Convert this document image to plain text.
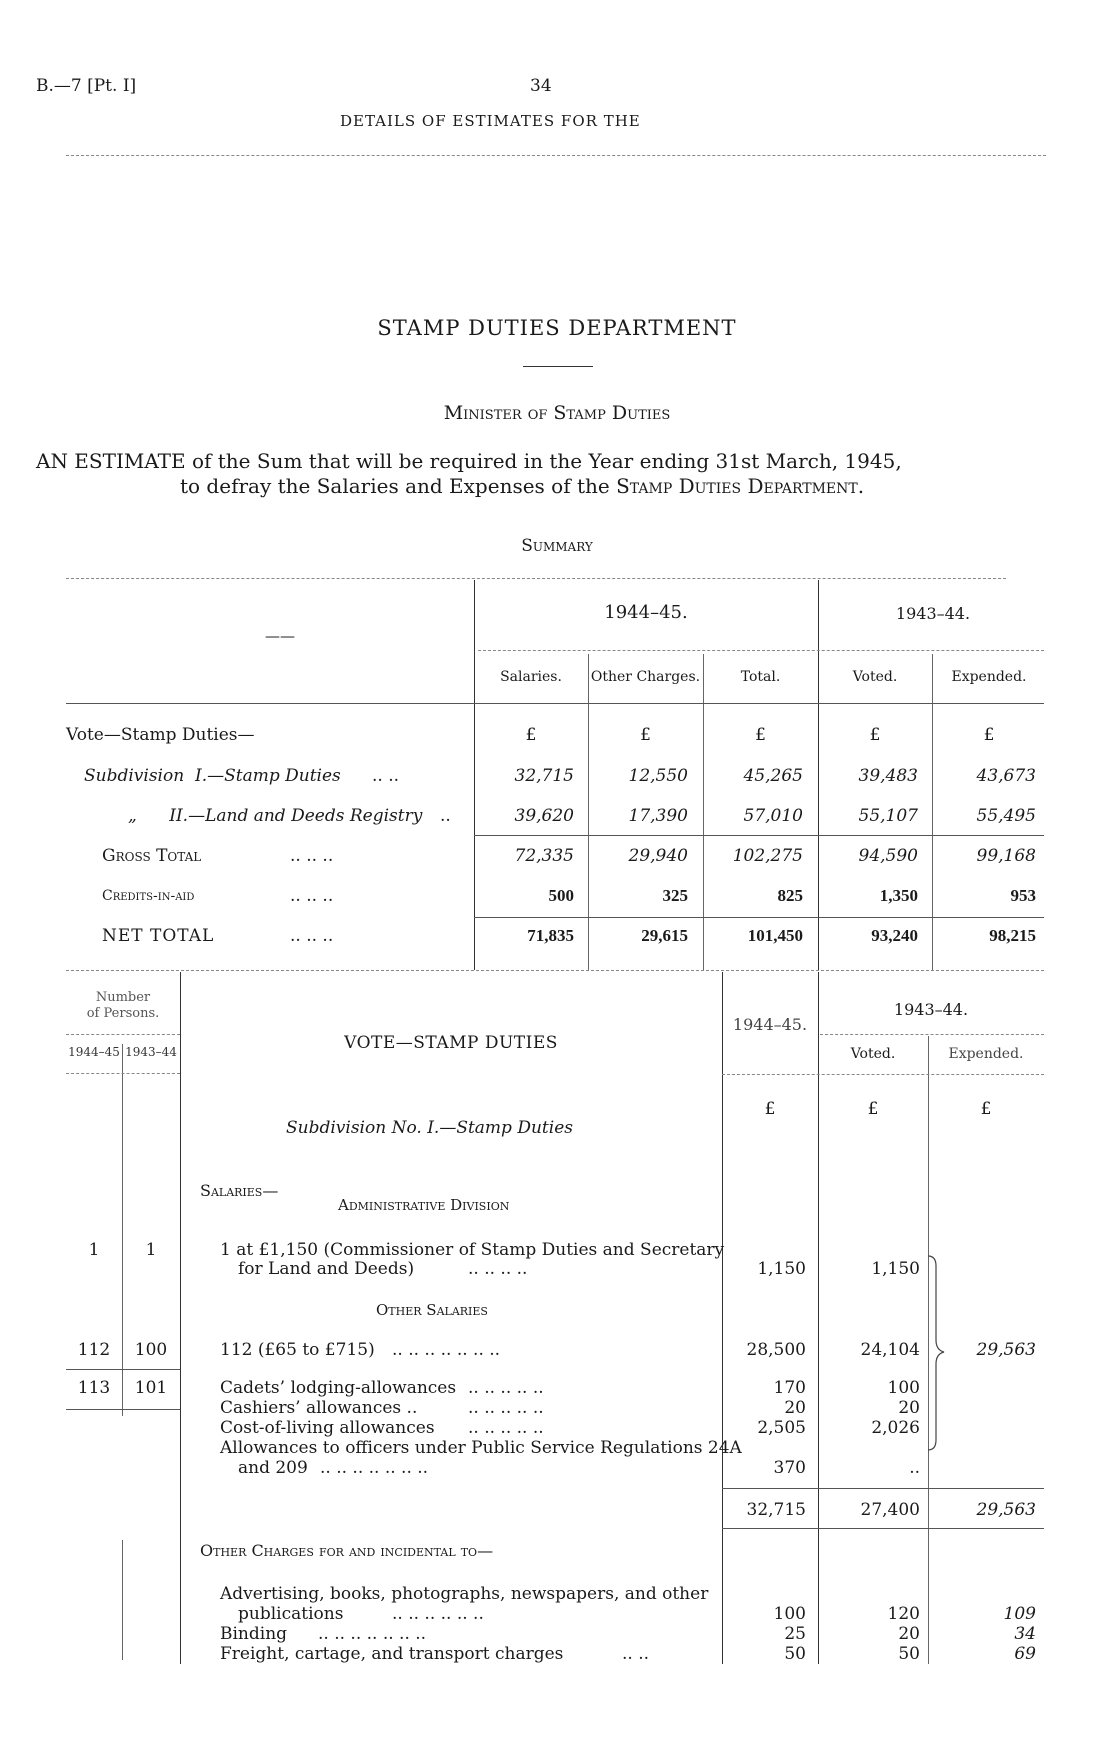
B.—7 [Pt. I]	34
DETAILS OF ESTIMATES FOR THE
STAMP DUTIES DEPARTMENT
Minister of Stamp Duties
AN ESTIMATE of the Sum that will be required in the Year ending 31st March, 1945,
to defray the Salaries and Expenses of the Stamp Duties Department.
Summary
——
1944–45.	1943–44.
Salaries.	Other Charges.	Total.	Voted.	Expended.
Vote—Stamp Duties—	£	£	£	£	£
Subdivision  I.—Stamp Duties .. ..	32,715	12,550	45,265	39,483	43,673
„      II.—Land and Deeds Registry ..	39,620	17,390	57,010	55,107	55,495
Gross Total	.. .. ..	72,335	29,940	102,275	94,590	99,168
Credits-in-aid	.. .. ..	500	325	825	1,350	953
NET TOTAL	.. .. ..	71,835	29,615	101,450	93,240	98,215
Number
of Persons.
1944–45 1943–44	VOTE—STAMP DUTIES
1944–45.
1943–44.
Voted.	Expended.
£	£	£
Subdivision No. I.—Stamp Duties
Salaries—
Administrative Division
1	1	1 at £1,150 (Commissioner of Stamp Duties and Secretary
for Land and Deeds)	.. .. .. ..	1,150	1,150
Other Salaries
112	100	112 (£65 to £715) .. .. .. .. .. .. ..	28,500	24,104	29,563
113	101	Cadets’ lodging-allowances .. .. .. .. ..	170	100
Cashiers’ allowances ..	.. .. .. .. ..	20	20
Cost-of-living allowances .. .. .. .. ..	2,505	2,026
Allowances to officers under Public Service Regulations 24A
and 209 .. .. .. .. .. .. ..	370	..
32,715	27,400	29,563
Other Charges for and incidental to—
Advertising, books, photographs, newspapers, and other
publications	.. .. .. .. .. ..	100	120	109
Binding .. .. .. .. .. .. ..	25	20	34
Freight, cartage, and transport charges	.. ..	50	50	69
